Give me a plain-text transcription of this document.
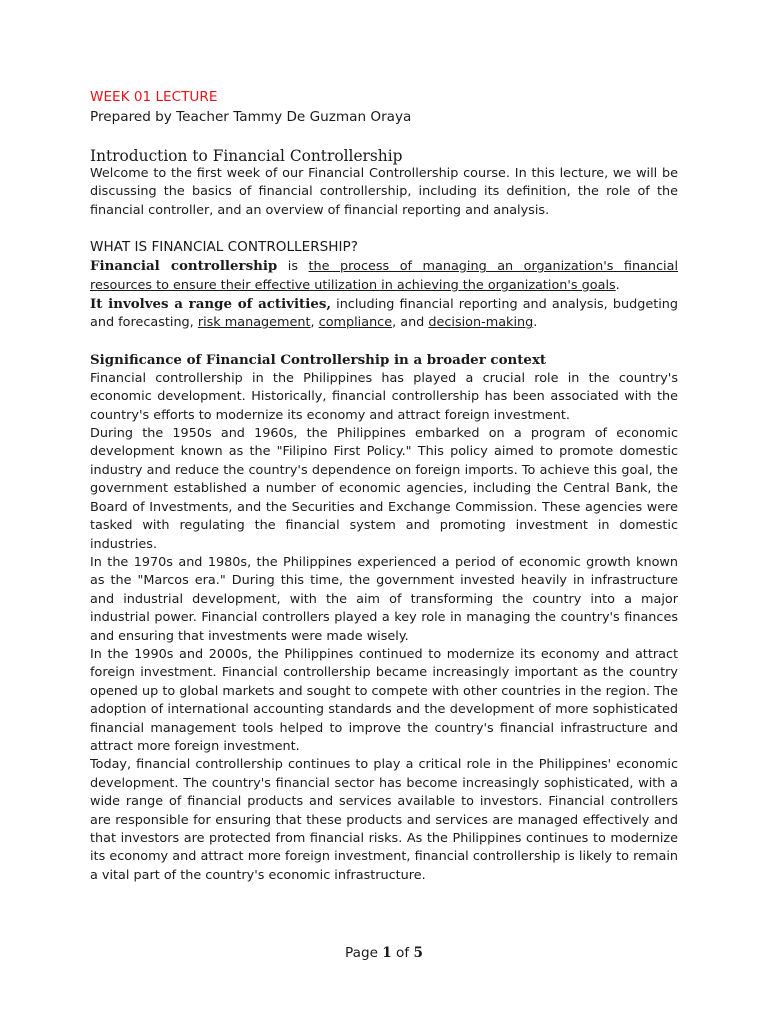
WEEK 01 LECTURE
Prepared by Teacher Tammy De Guzman Oraya
Introduction to Financial Controllership

Welcome to the first week of our Financial Controllership course. In this lecture, we will be discussing the basics of financial controllership, including its definition, the role of the financial controller, and an overview of financial reporting and analysis.

WHAT IS FINANCIAL CONTROLLERSHIP?

Financial controllership is the process of managing an organization's financial resources to ensure their effective utilization in achieving the organization's goals.

It involves a range of activities, including financial reporting and analysis, budgeting and forecasting, risk management, compliance, and decision-making.

Significance of Financial Controllership in a broader context

Financial controllership in the Philippines has played a crucial role in the country's economic development. Historically, financial controllership has been associated with the country's efforts to modernize its economy and attract foreign investment.

During the 1950s and 1960s, the Philippines embarked on a program of economic development known as the "Filipino First Policy." This policy aimed to promote domestic industry and reduce the country's dependence on foreign imports. To achieve this goal, the government established a number of economic agencies, including the Central Bank, the Board of Investments, and the Securities and Exchange Commission. These agencies were tasked with regulating the financial system and promoting investment in domestic industries.

In the 1970s and 1980s, the Philippines experienced a period of economic growth known as the "Marcos era." During this time, the government invested heavily in infrastructure and industrial development, with the aim of transforming the country into a major industrial power. Financial controllers played a key role in managing the country's finances and ensuring that investments were made wisely.

In the 1990s and 2000s, the Philippines continued to modernize its economy and attract foreign investment. Financial controllership became increasingly important as the country opened up to global markets and sought to compete with other countries in the region. The adoption of international accounting standards and the development of more sophisticated financial management tools helped to improve the country's financial infrastructure and attract more foreign investment.

Today, financial controllership continues to play a critical role in the Philippines' economic development. The country's financial sector has become increasingly sophisticated, with a wide range of financial products and services available to investors. Financial controllers are responsible for ensuring that these products and services are managed effectively and that investors are protected from financial risks. As the Philippines continues to modernize its economy and attract more foreign investment, financial controllership is likely to remain a vital part of the country's economic infrastructure.

Page 1 of 5
